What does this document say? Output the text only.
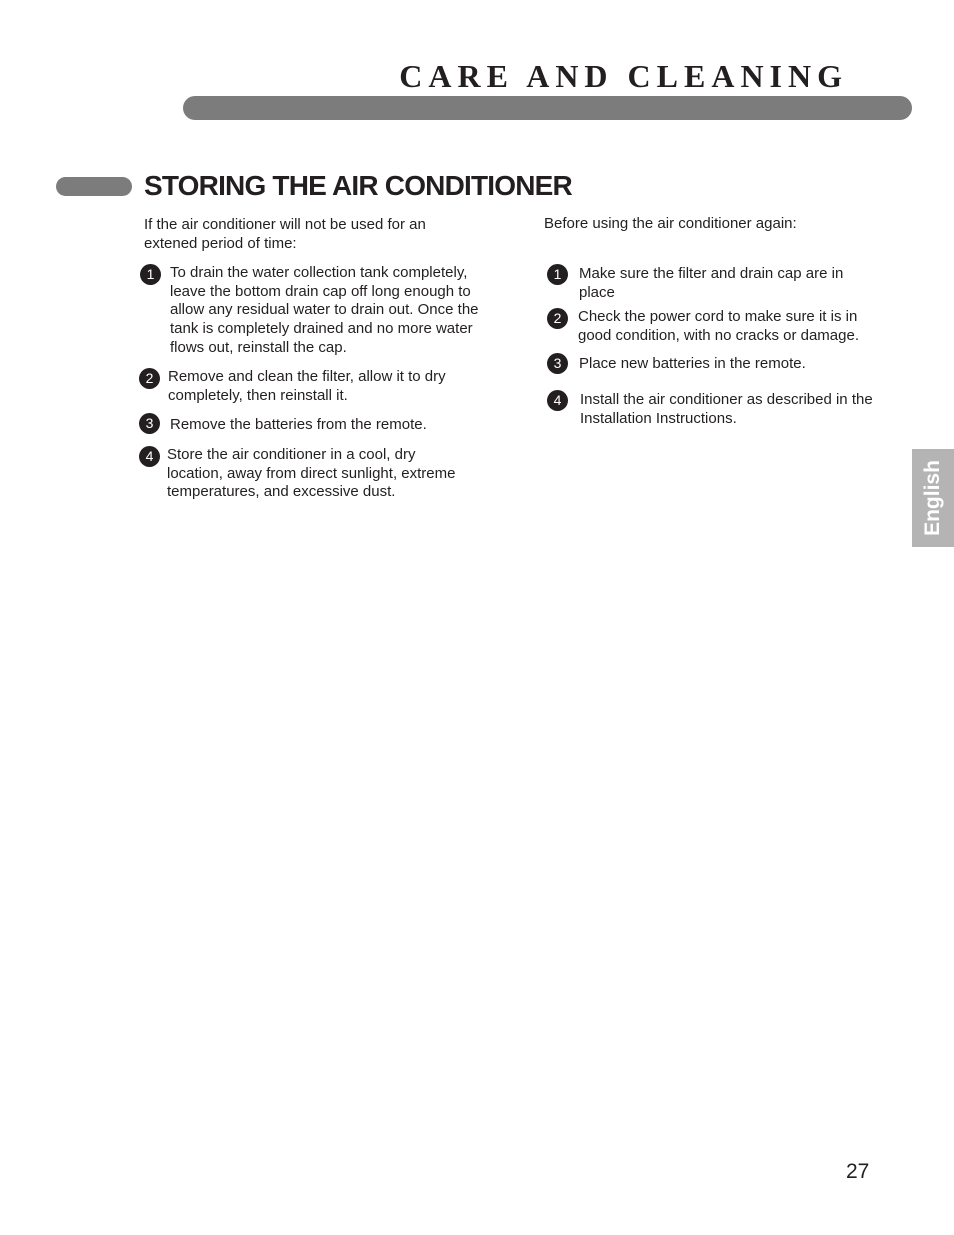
CARE AND CLEANING
STORING THE AIR CONDITIONER
If the air conditioner will not be used for an extened period of time:
1	To drain the water collection tank completely, leave the bottom drain cap off long enough to allow any residual water to drain out. Once the tank is completely drained and no more water flows out, reinstall the cap.
2 Remove and clean the filter, allow it to dry completely, then reinstall it.
3	Remove the batteries from the remote.
4 Store the air conditioner in a cool, dry location, away from direct sunlight, extreme temperatures, and excessive dust.
Before using the air conditioner again:
1	Make sure the filter and drain cap are in place
2	Check the power cord to make sure it is in good condition, with no cracks or damage.
3	Place new batteries in the remote.
4	Install the air conditioner as described in the Installation Instructions.
English
27
